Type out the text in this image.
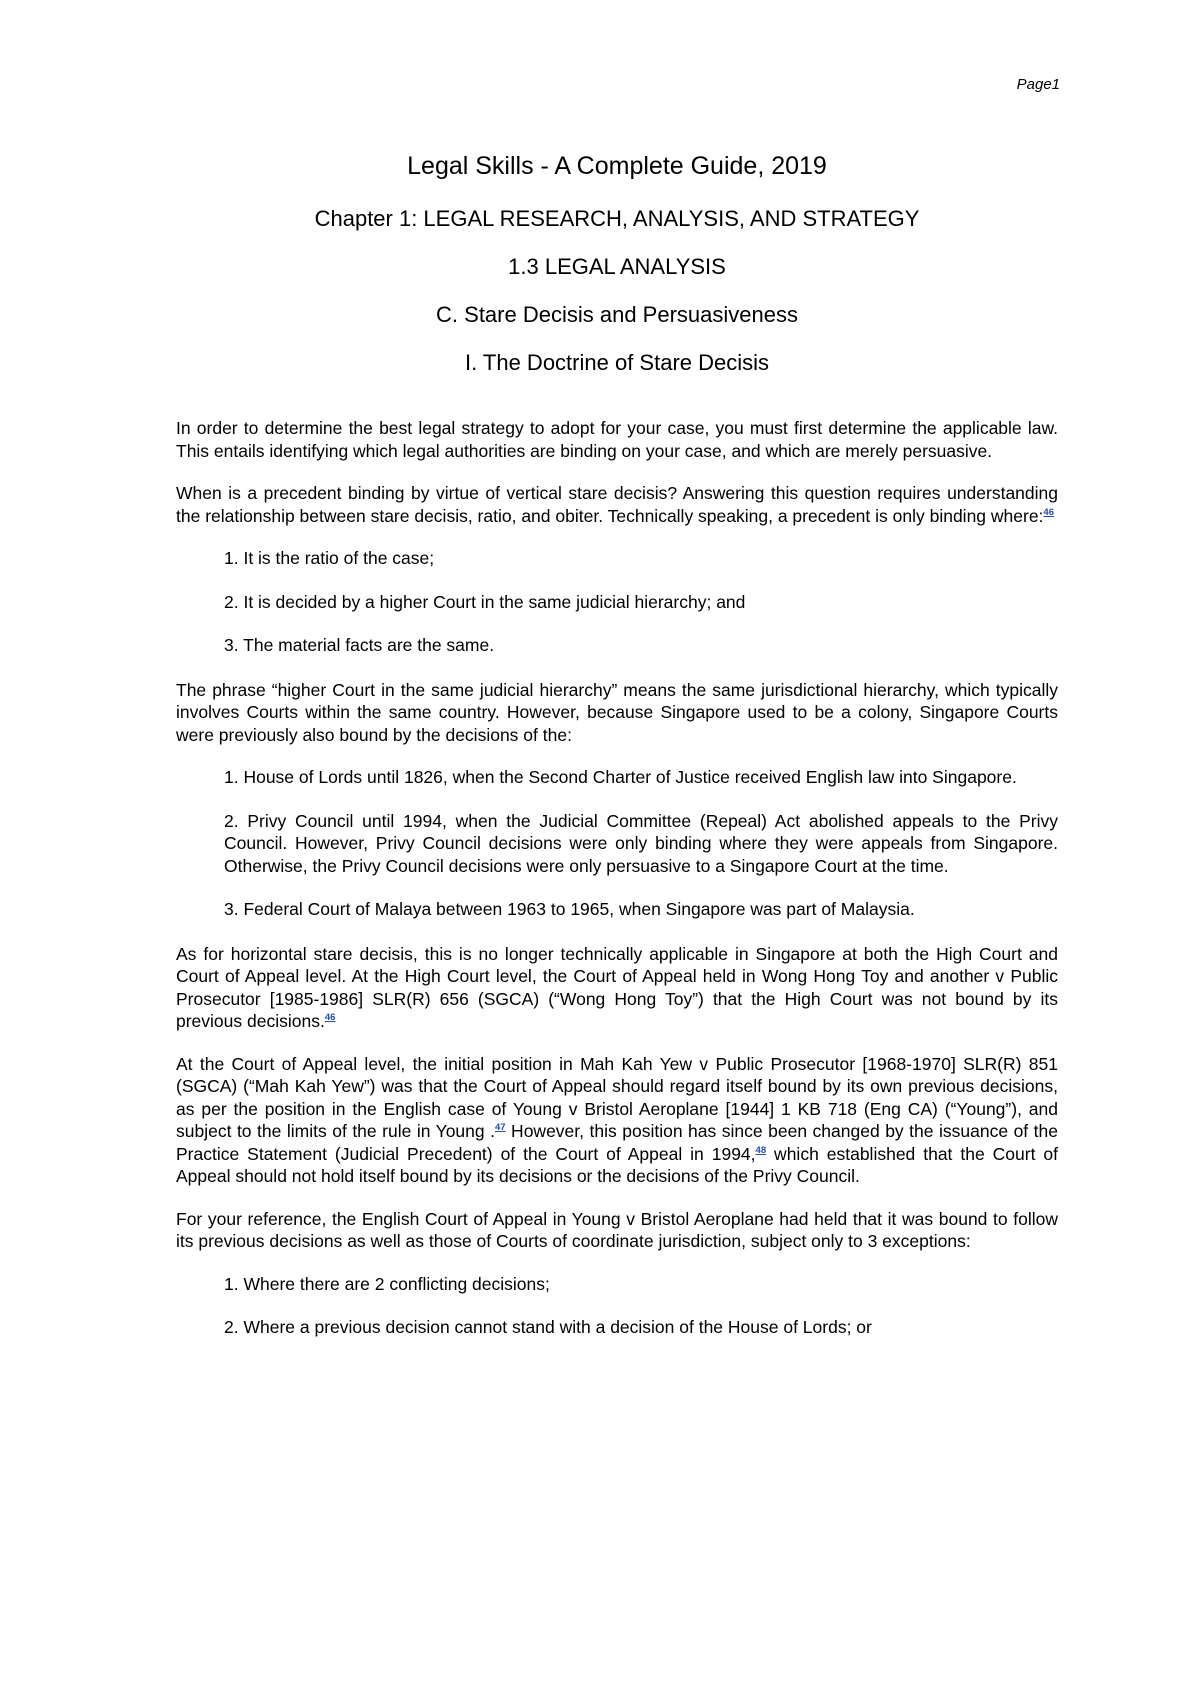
Page1
Legal Skills - A Complete Guide, 2019
Chapter 1: LEGAL RESEARCH, ANALYSIS, AND STRATEGY
1.3 LEGAL ANALYSIS
C. Stare Decisis and Persuasiveness
I. The Doctrine of Stare Decisis

In order to determine the best legal strategy to adopt for your case, you must first determine the applicable law. This entails identifying which legal authorities are binding on your case, and which are merely persuasive.

When is a precedent binding by virtue of vertical stare decisis? Answering this question requires understanding the relationship between stare decisis, ratio, and obiter. Technically speaking, a precedent is only binding where:$^{46}$

1. It is the ratio of the case;
2. It is decided by a higher Court in the same judicial hierarchy; and
3. The material facts are the same.

The phrase “higher Court in the same judicial hierarchy” means the same jurisdictional hierarchy, which typically involves Courts within the same country. However, because Singapore used to be a colony, Singapore Courts were previously also bound by the decisions of the:

1. House of Lords until 1826, when the Second Charter of Justice received English law into Singapore.
2. Privy Council until 1994, when the Judicial Committee (Repeal) Act abolished appeals to the Privy Council. However, Privy Council decisions were only binding where they were appeals from Singapore. Otherwise, the Privy Council decisions were only persuasive to a Singapore Court at the time.
3. Federal Court of Malaya between 1963 to 1965, when Singapore was part of Malaysia.

As for horizontal stare decisis, this is no longer technically applicable in Singapore at both the High Court and Court of Appeal level. At the High Court level, the Court of Appeal held in Wong Hong Toy and another v Public Prosecutor [1985-1986] SLR(R) 656 (SGCA) (“Wong Hong Toy”) that the High Court was not bound by its previous decisions.$^{46}$

At the Court of Appeal level, the initial position in Mah Kah Yew v Public Prosecutor [1968-1970] SLR(R) 851 (SGCA) (“Mah Kah Yew”) was that the Court of Appeal should regard itself bound by its own previous decisions, as per the position in the English case of Young v Bristol Aeroplane [1944] 1 KB 718 (Eng CA) (“Young”), and subject to the limits of the rule in Young .$^{47}$ However, this position has since been changed by the issuance of the Practice Statement (Judicial Precedent) of the Court of Appeal in 1994,48 which established that the Court of Appeal should not hold itself bound by its decisions or the decisions of the Privy Council.

For your reference, the English Court of Appeal in Young v Bristol Aeroplane had held that it was bound to follow its previous decisions as well as those of Courts of coordinate jurisdiction, subject only to 3 exceptions:

1. Where there are 2 conflicting decisions;
2. Where a previous decision cannot stand with a decision of the House of Lords; or
